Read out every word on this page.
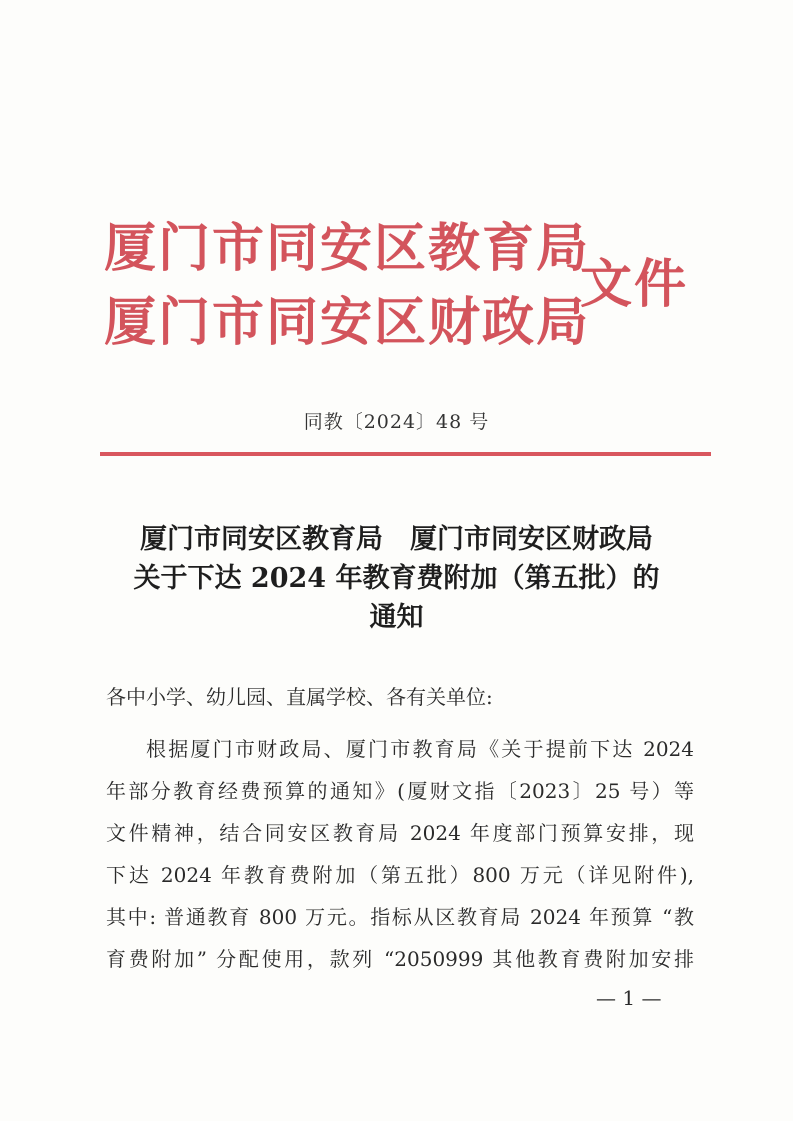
厦门市同安区教育局
厦门市同安区财政局
文件
同教〔2024〕48 号
厦门市同安区教育局　厦门市同安区财政局
关于下达 2024 年教育费附加（第五批）的
通知
各中小学、幼儿园、直属学校、各有关单位:
根据厦门市财政局、厦门市教育局《关于提前下达 2024
年部分教育经费预算的通知》(厦财文指〔2023〕25 号）等
文件精神，结合同安区教育局 2024 年度部门预算安排，现
下达 2024 年教育费附加（第五批）800 万元（详见附件),
其中: 普通教育 800 万元。指标从区教育局 2024 年预算 “教
育费附加” 分配使用，款列 “2050999 其他教育费附加安排
— 1 —
